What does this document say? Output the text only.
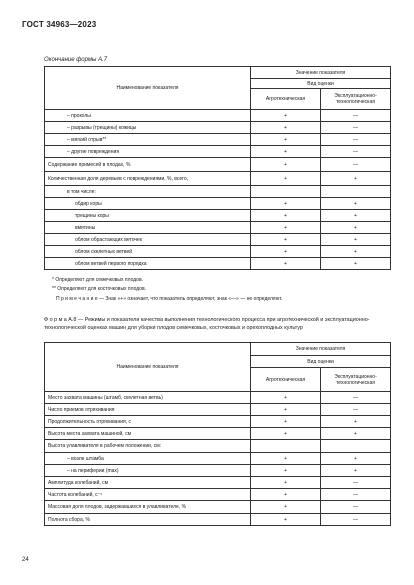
ГОСТ 34963—2023
Окончание формы А.7
Наименование показателя	Значение показателя	
	Вид оценки	
	Агротехническая	Эксплуатационно-технологическая
– проколы	+	—
– разрывы (трещины) кожицы	+	—
– мягкий отрыв**	+	—
– другие повреждения	+	—
Содержание примесей в плодах, %	+	—
Количественная доля деревьев с повреждениями, %, всего,	+	+
в том числе:		
обдир коры	+	+
трещины коры	+	+
вмятины	+	+
облом обрастающих веточек	+	+
облом скелетных ветвей	+	+
облом ветвей первого порядка	+	+
* Определяют для семечковых плодов.
** Определяют для косточковых плодов.
П р и м е ч а н и е — Знак «+» означает, что показатель определяют, знак «—» — не определяют.
Ф о р м а А.8 — Режимы и показатели качества выполнения технологического процесса при агротехнической и эксплуатационно-технологической оценках машин для уборки плодов семечковых, косточковых и орехоплодных культур
Наименование показателя	Значение показателя	
	Вид оценки	
	Агротехническая	Эксплуатационно-технологическая
Место захвата машины (штамб, скелетная ветвь)	+	—
Число приемов отряхивания	+	—
Продолжительность отряхивания, с	+	+
Высота места захвата машиной, см	+	+
Высота улавливателя в рабочем положении, см:		
– возле штамба	+	+
– на периферии (max)	+	+
Амплитуда колебаний, см	+	—
Частота колебаний, с⁻¹	+	—
Массовая доля плодов, задержавшихся в улавливателе, %	+	—
Полнота сбора, %	+	—
24
